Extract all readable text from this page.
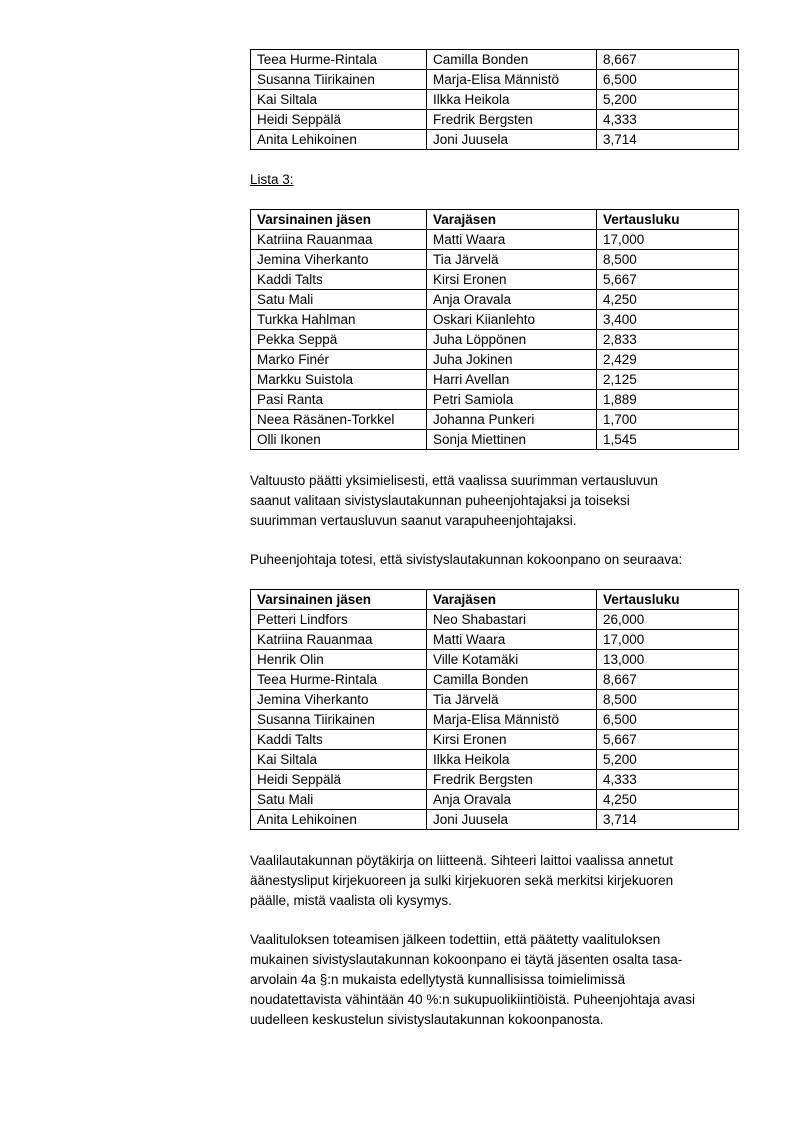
Teea Hurme-Rintala	Camilla Bonden	8,667
Susanna Tiirikainen	Marja-Elisa Männistö	6,500
Kai Siltala	Ilkka Heikola	5,200
Heidi Seppälä	Fredrik Bergsten	4,333
Anita Lehikoinen	Joni Juusela	3,714

Lista 3:

Varsinainen jäsen	Varajäsen	Vertausluku
Katriina Rauanmaa	Matti Waara	17,000
Jemina Viherkanto	Tia Järvelä	8,500
Kaddi Talts	Kirsi Eronen	5,667
Satu Mali	Anja Oravala	4,250
Turkka Hahlman	Oskari Kiianlehto	3,400
Pekka Seppä	Juha Löppönen	2,833
Marko Finér	Juha Jokinen	2,429
Markku Suistola	Harri Avellan	2,125
Pasi Ranta	Petri Samiola	1,889
Neea Räsänen-Torkkel	Johanna Punkeri	1,700
Olli Ikonen	Sonja Miettinen	1,545

Valtuusto päätti yksimielisesti, että vaalissa suurimman vertausluvun

saanut valitaan sivistyslautakunnan puheenjohtajaksi ja toiseksi

suurimman vertausluvun saanut varapuheenjohtajaksi.

Puheenjohtaja totesi, että sivistyslautakunnan kokoonpano on seuraava:

Varsinainen jäsen	Varajäsen	Vertausluku
Petteri Lindfors	Neo Shabastari	26,000
Katriina Rauanmaa	Matti Waara	17,000
Henrik Olin	Ville Kotamäki	13,000
Teea Hurme-Rintala	Camilla Bonden	8,667
Jemina Viherkanto	Tia Järvelä	8,500
Susanna Tiirikainen	Marja-Elisa Männistö	6,500
Kaddi Talts	Kirsi Eronen	5,667
Kai Siltala	Ilkka Heikola	5,200
Heidi Seppälä	Fredrik Bergsten	4,333
Satu Mali	Anja Oravala	4,250
Anita Lehikoinen	Joni Juusela	3,714

Vaalilautakunnan pöytäkirja on liitteenä. Sihteeri laittoi vaalissa annetut

äänestysliput kirjekuoreen ja sulki kirjekuoren sekä merkitsi kirjekuoren

päälle, mistä vaalista oli kysymys.

Vaalituloksen toteamisen jälkeen todettiin, että päätetty vaalituloksen

mukainen sivistyslautakunnan kokoonpano ei täytä jäsenten osalta tasa-

arvolain 4a §:n mukaista edellytystä kunnallisissa toimielimissä

noudatettavista vähintään 40 %:n sukupuolikiintiöistä. Puheenjohtaja avasi

uudelleen keskustelun sivistyslautakunnan kokoonpanosta.
